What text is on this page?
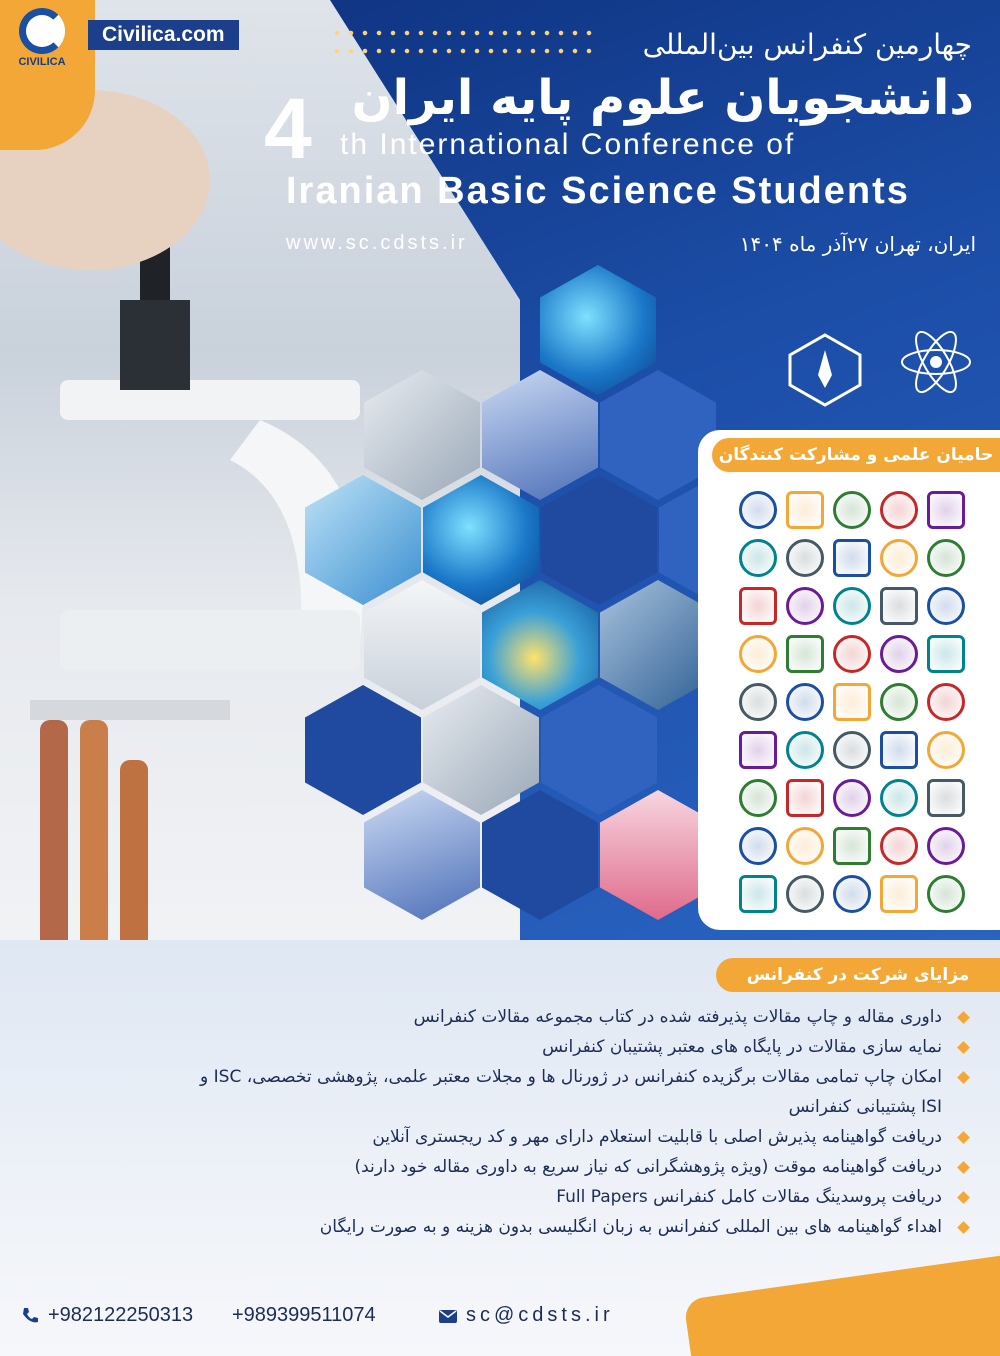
CIVILICA
Civilica.com	چهارمین کنفرانس بین‌المللی
دانشجویان علوم پایه ایران
4 th International Conference of
Iranian Basic Science Students
www.sc.cdsts.ir	ایران، تهران ۲۷آذر ماه ۱۴۰۴
حامیان علمی و مشارکت کنندگان
مزایای شرکت در کنفرانس
داوری مقاله و چاپ مقالات پذیرفته شده در کتاب مجموعه مقالات کنفرانس
نمایه سازی مقالات در پایگاه های معتبر پشتیبان کنفرانس
امکان چاپ تمامی مقالات برگزیده کنفرانس در ژورنال ها و مجلات معتبر علمی، پژوهشی تخصصی، ISC و ISI پشتیبانی کنفرانس
دریافت گواهینامه پذیرش اصلی با قابلیت استعلام دارای مهر و کد ریجستری آنلاین
دریافت گواهینامه موقت (ویژه پژوهشگرانی که نیاز سریع به داوری مقاله خود دارند)
دریافت پروسدینگ مقالات کامل کنفرانس Full Papers
اهداء گواهینامه های بین المللی کنفرانس به زبان انگلیسی بدون هزینه و به صورت رایگان
+982122250313 +989399511074	sc@cdsts.ir
